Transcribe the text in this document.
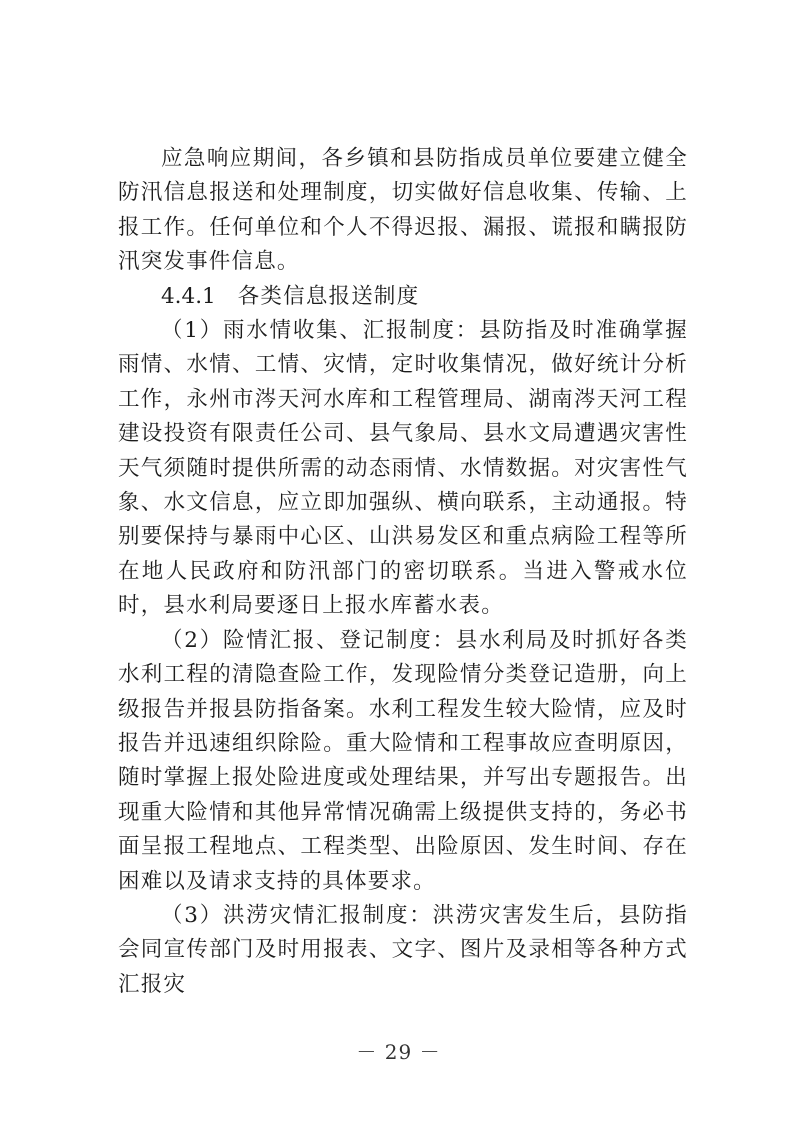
应急响应期间，各乡镇和县防指成员单位要建立健全防汛信息报送和处理制度，切实做好信息收集、传输、上报工作。任何单位和个人不得迟报、漏报、谎报和瞒报防汛突发事件信息。

4.4.1 各类信息报送制度

（1）雨水情收集、汇报制度：县防指及时准确掌握雨情、水情、工情、灾情，定时收集情况，做好统计分析工作，永州市涔天河水库和工程管理局、湖南涔天河工程建设投资有限责任公司、县气象局、县水文局遭遇灾害性天气须随时提供所需的动态雨情、水情数据。对灾害性气象、水文信息，应立即加强纵、横向联系，主动通报。特别要保持与暴雨中心区、山洪易发区和重点病险工程等所在地人民政府和防汛部门的密切联系。当进入警戒水位时，县水利局要逐日上报水库蓄水表。

（2）险情汇报、登记制度：县水利局及时抓好各类水利工程的清隐查险工作，发现险情分类登记造册，向上级报告并报县防指备案。水利工程发生较大险情，应及时报告并迅速组织除险。重大险情和工程事故应查明原因，随时掌握上报处险进度或处理结果，并写出专题报告。出现重大险情和其他异常情况确需上级提供支持的，务必书面呈报工程地点、工程类型、出险原因、发生时间、存在困难以及请求支持的具体要求。

（3）洪涝灾情汇报制度：洪涝灾害发生后，县防指会同宣传部门及时用报表、文字、图片及录相等各种方式汇报灾

－ 29 －
